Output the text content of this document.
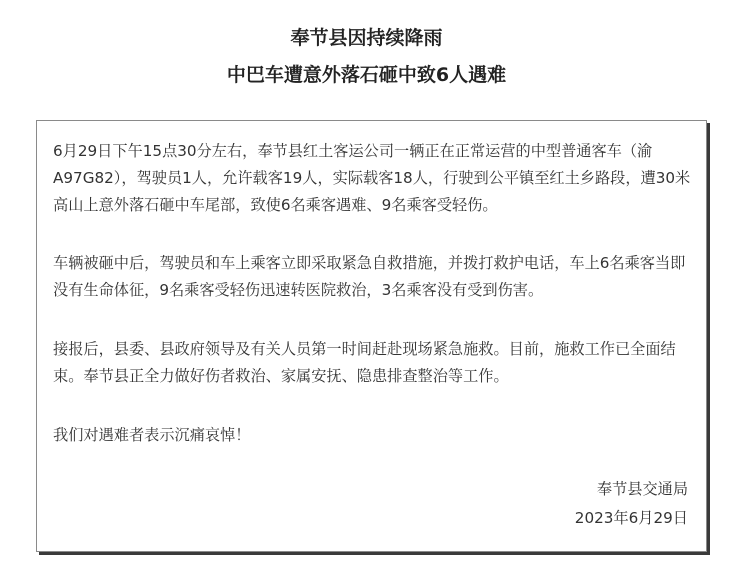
奉节县因持续降雨
中巴车遭意外落石砸中致6人遇难
6月29日下午15点30分左右，奉节县红土客运公司一辆正在正常运营的中型普通客车（渝 A97G82），驾驶员1人，允许载客19人，实际载客18人，行驶到公平镇至红土乡路段，遭30米高山上意外落石砸中车尾部，致使6名乘客遇难、9名乘客受轻伤。
车辆被砸中后，驾驶员和车上乘客立即采取紧急自救措施，并拨打救护电话，车上6名乘客当即没有生命体征，9名乘客受轻伤迅速转医院救治，3名乘客没有受到伤害。
接报后，县委、县政府领导及有关人员第一时间赶赴现场紧急施救。目前，施救工作已全面结束。奉节县正全力做好伤者救治、家属安抚、隐患排查整治等工作。
我们对遇难者表示沉痛哀悼！
奉节县交通局
2023年6月29日
